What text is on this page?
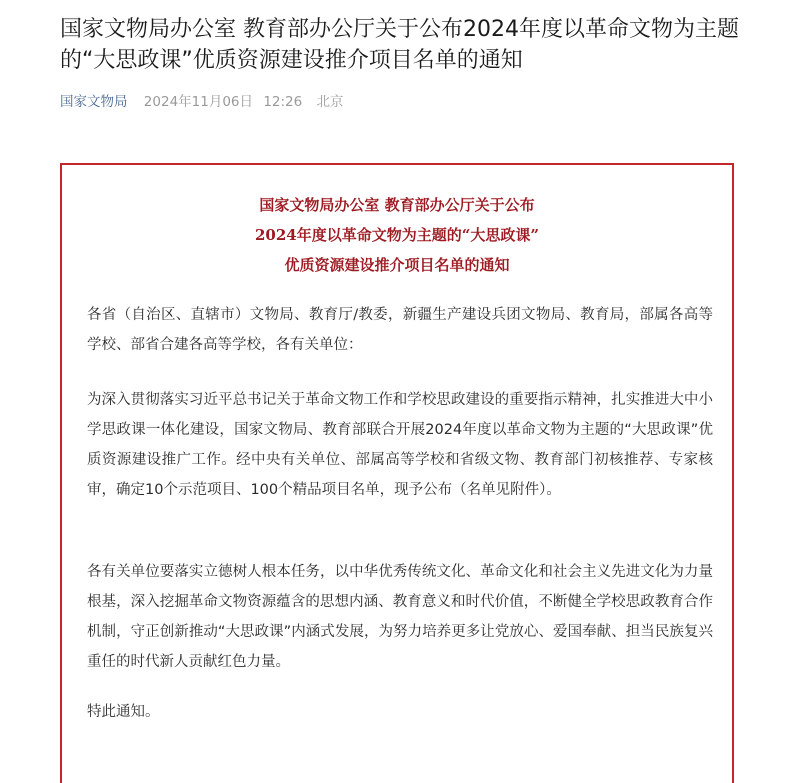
国家文物局办公室 教育部办公厅关于公布2024年度以革命文物为主题的“大思政课”优质资源建设推介项目名单的通知
国家文物局 2024年11月06日 12:26 北京
国家文物局办公室 教育部办公厅关于公布
2024年度以革命文物为主题的“大思政课”
优质资源建设推介项目名单的通知

各省（自治区、直辖市）文物局、教育厅/教委，新疆生产建设兵团文物局、教育局，部属各高等学校、部省合建各高等学校，各有关单位：

为深入贯彻落实习近平总书记关于革命文物工作和学校思政建设的重要指示精神，扎实推进大中小学思政课一体化建设，国家文物局、教育部联合开展2024年度以革命文物为主题的“大思政课”优质资源建设推广工作。经中央有关单位、部属高等学校和省级文物、教育部门初核推荐、专家核审，确定10个示范项目、100个精品项目名单，现予公布（名单见附件）。

各有关单位要落实立德树人根本任务，以中华优秀传统文化、革命文化和社会主义先进文化为力量根基，深入挖掘革命文物资源蕴含的思想内涵、教育意义和时代价值，不断健全学校思政教育合作机制，守正创新推动“大思政课”内涵式发展，为努力培养更多让党放心、爱国奉献、担当民族复兴重任的时代新人贡献红色力量。

特此通知。
